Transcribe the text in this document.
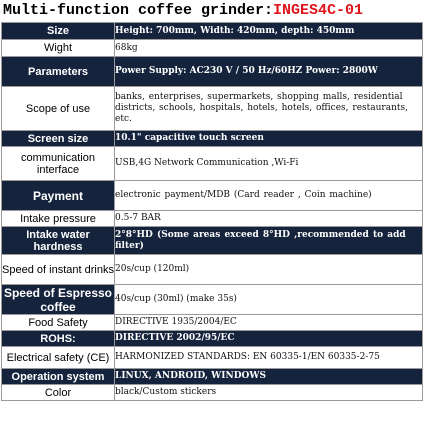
Multi-function coffee grinder:INGES4C-01
Size	Height: 700mm, Width: 420mm, depth: 450mm
Wight	68kg
Parameters	Power Supply: AC230 V / 50 Hz/60HZ Power: 2800W
Scope of use	banks, enterprises, supermarkets, shopping malls, residential districts, schools, hospitals, hotels, hotels, offices, restaurants, etc.
Screen size	10.1" capacitive touch screen
communication interface	USB,4G Network Communication ,Wi-Fi
Payment	electronic payment/MDB (Card reader , Coin machine)
Intake pressure	0.5-7 BAR
Intake water hardness	2°8°HD (Some areas exceed 8°HD ,recommended to add filter)
Speed of instant drinks	20s/cup (120ml)
Speed of Espresso coffee	40s/cup (30ml) (make 35s)
Food Safety	DIRECTIVE 1935/2004/EC
ROHS:	DIRECTIVE 2002/95/EC
Electrical safety (CE)	HARMONIZED STANDARDS: EN 60335-1/EN 60335-2-75
Operation system	LINUX, ANDROID, WINDOWS
Color	black/Custom stickers
